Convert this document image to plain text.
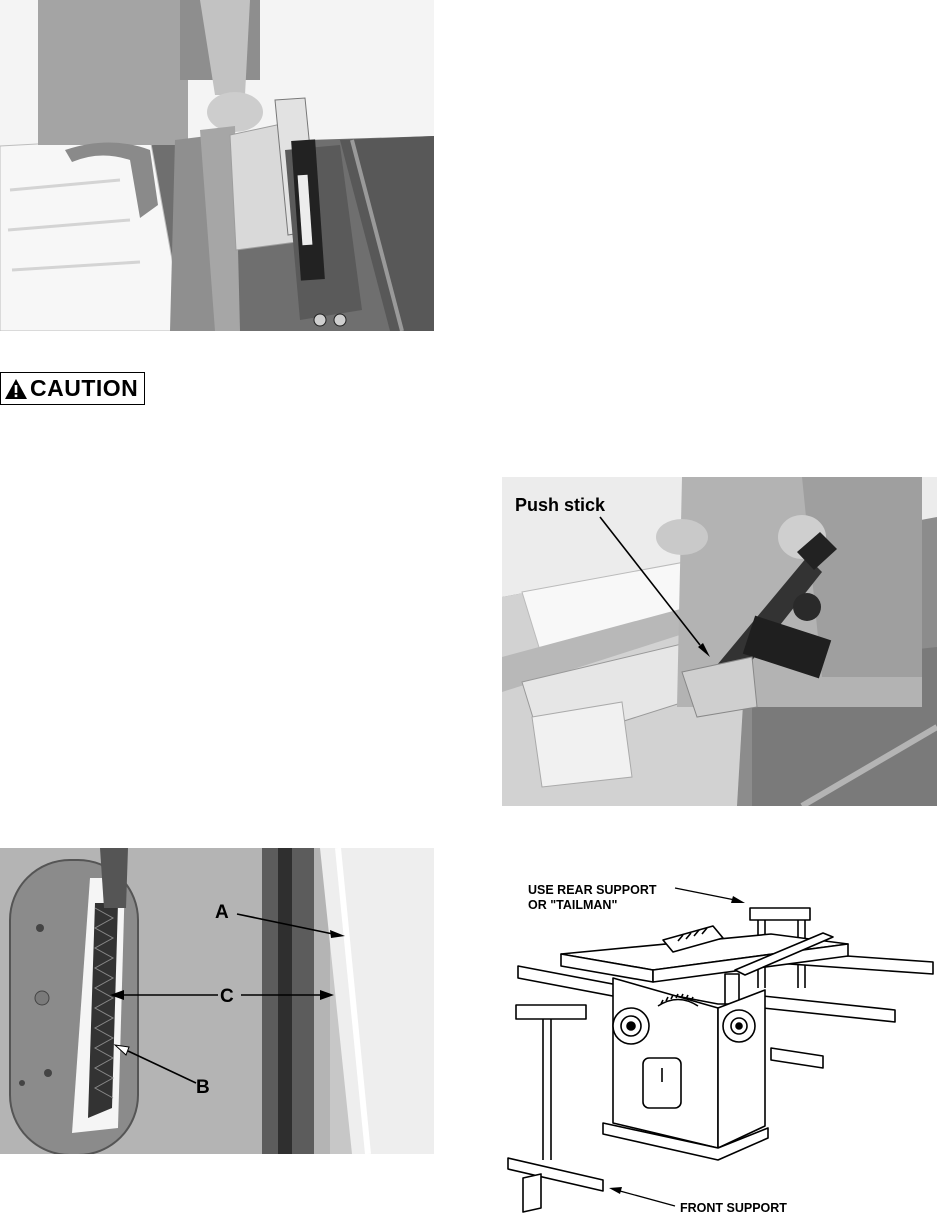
CAUTION
Push stick
A
C
B
USE REAR SUPPORT
OR "TAILMAN"
FRONT SUPPORT
